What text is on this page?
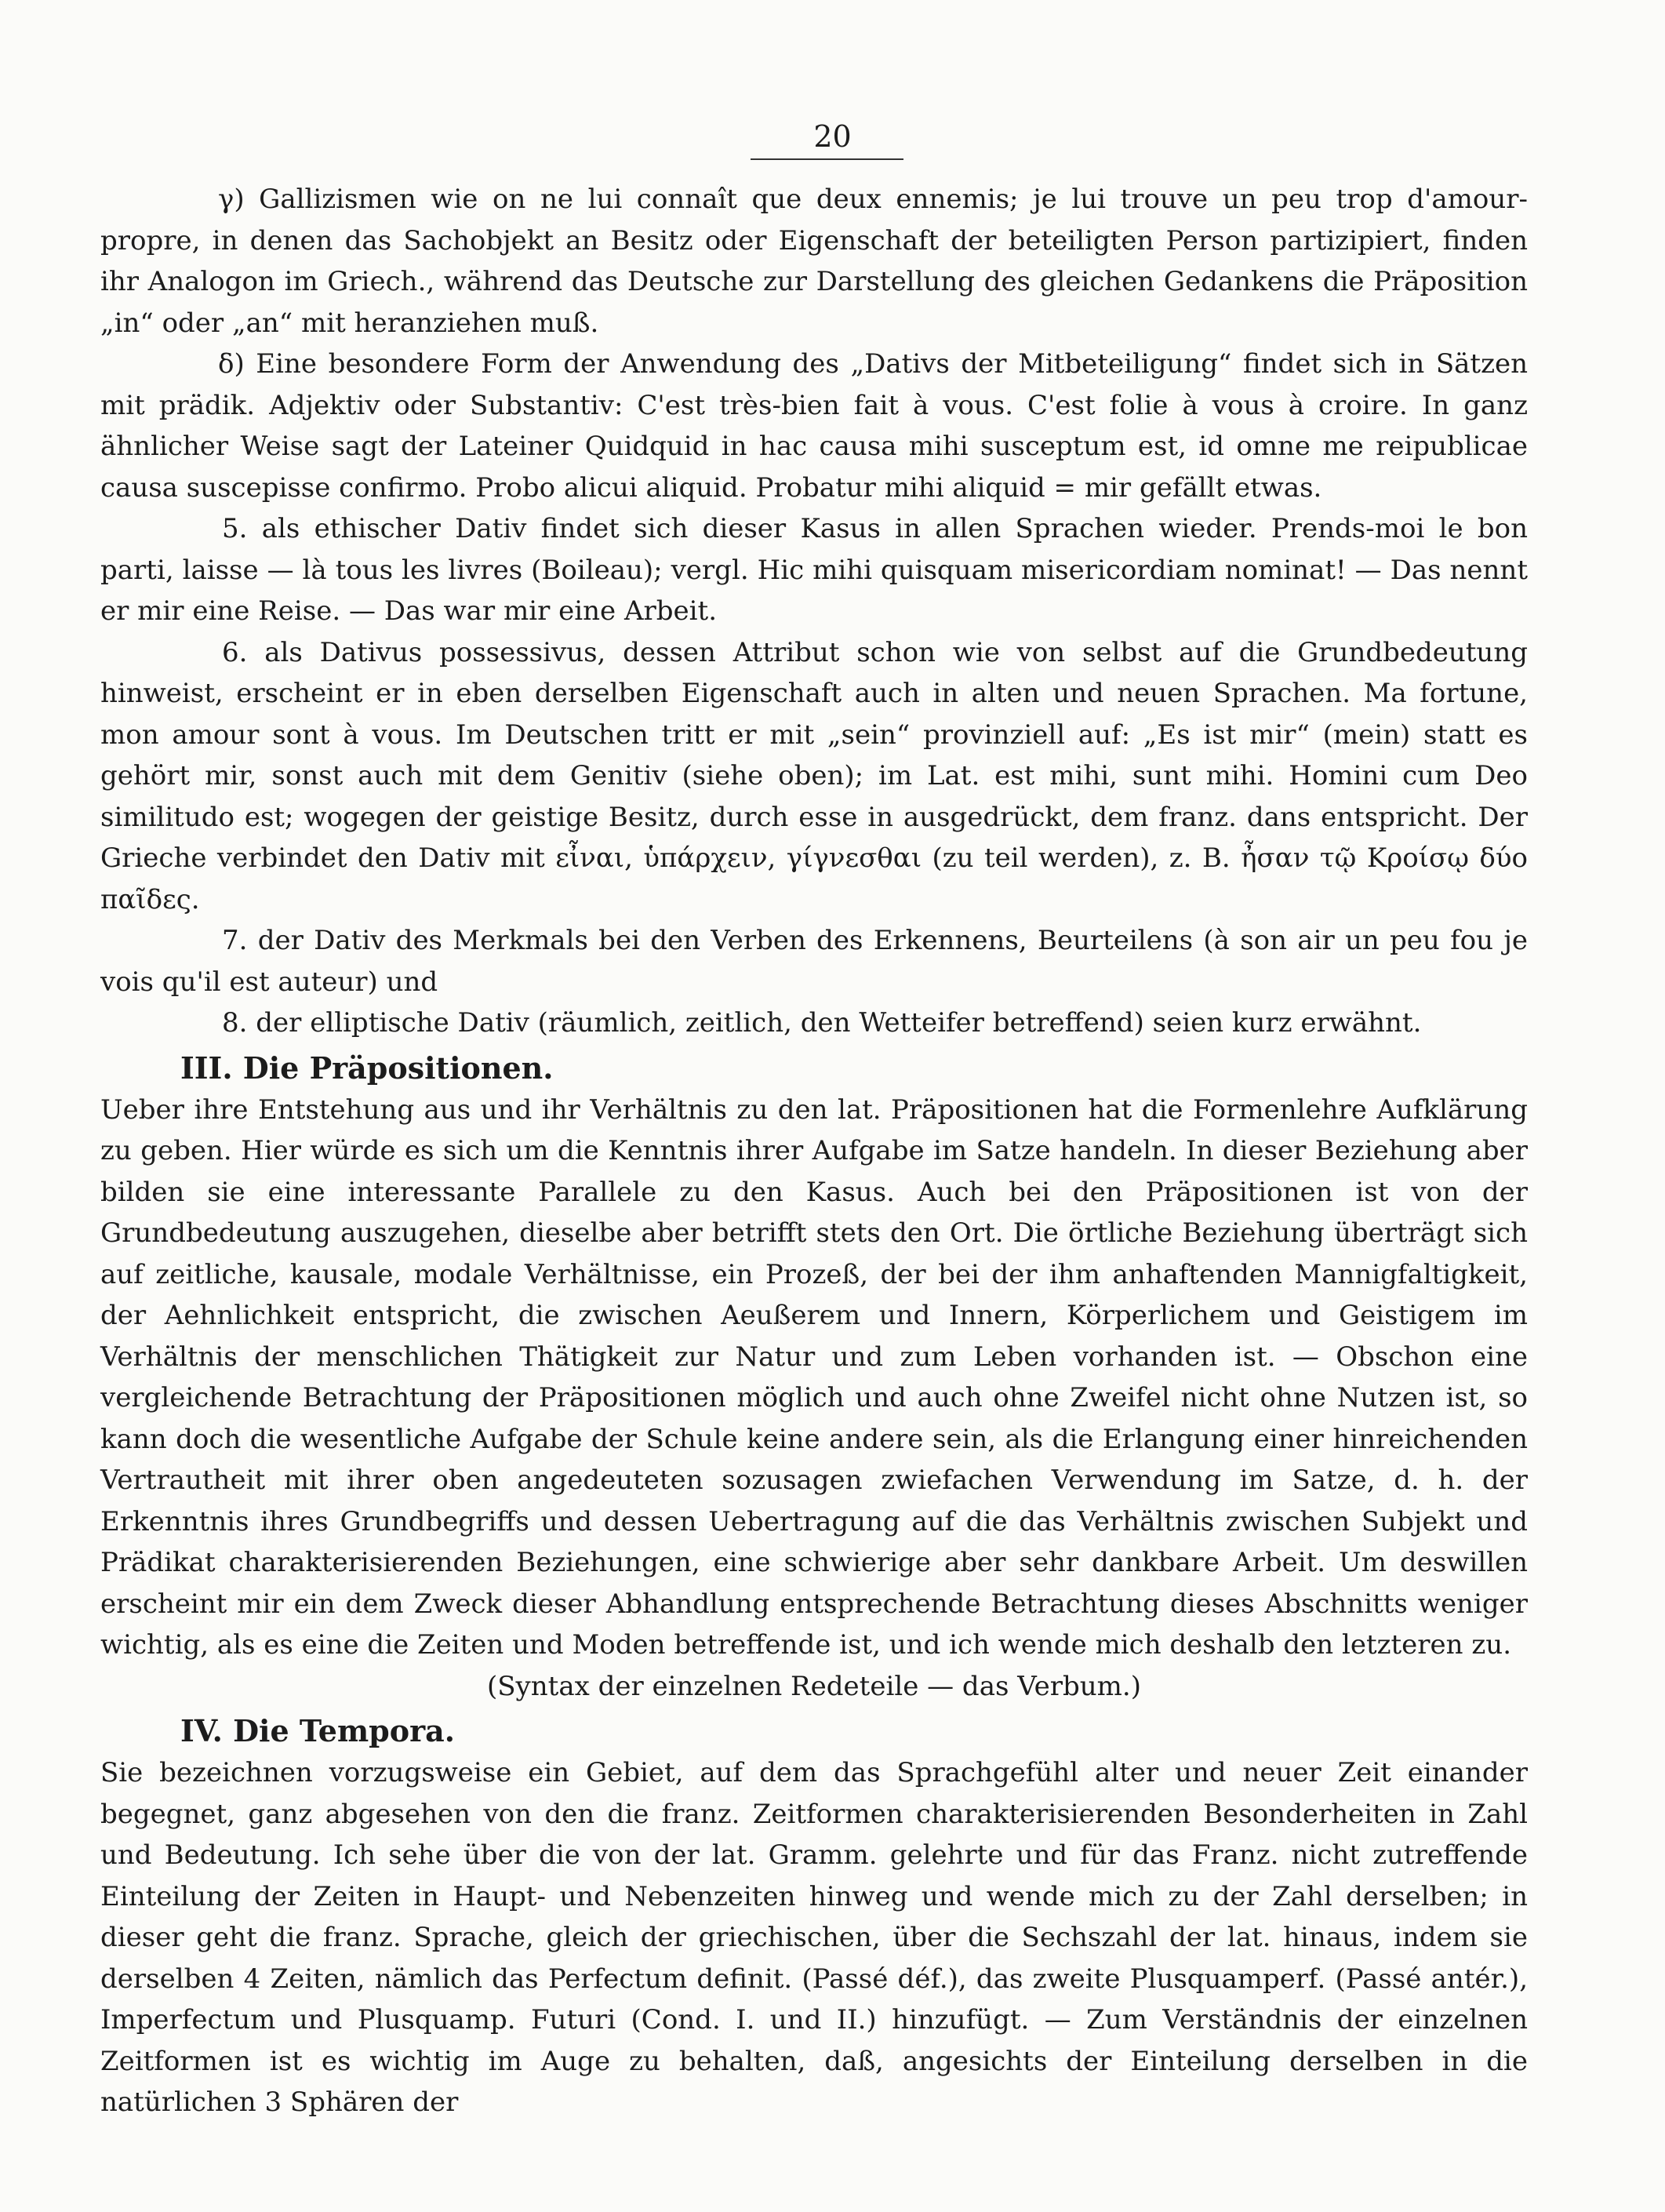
20

γ) Gallizismen wie on ne lui connaît que deux ennemis; je lui trouve un peu trop d'amour-propre, in denen das Sachobjekt an Besitz oder Eigenschaft der beteiligten Person partizipiert, finden ihr Analogon im Griech., während das Deutsche zur Darstellung des gleichen Gedankens die Präposition „in“ oder „an“ mit heranziehen muß.

δ) Eine besondere Form der Anwendung des „Dativs der Mitbeteiligung“ findet sich in Sätzen mit prädik. Adjektiv oder Substantiv: C'est très-bien fait à vous. C'est folie à vous à croire. In ganz ähnlicher Weise sagt der Lateiner Quidquid in hac causa mihi susceptum est, id omne me reipublicae causa suscepisse confirmo. Probo alicui aliquid. Probatur mihi aliquid = mir gefällt etwas.

5. als ethischer Dativ findet sich dieser Kasus in allen Sprachen wieder. Prends-moi le bon parti, laisse — là tous les livres (Boileau); vergl. Hic mihi quisquam misericordiam nominat! — Das nennt er mir eine Reise. — Das war mir eine Arbeit.

6. als Dativus possessivus, dessen Attribut schon wie von selbst auf die Grundbedeutung hinweist, erscheint er in eben derselben Eigenschaft auch in alten und neuen Sprachen. Ma fortune, mon amour sont à vous. Im Deutschen tritt er mit „sein“ provinziell auf: „Es ist mir“ (mein) statt es gehört mir, sonst auch mit dem Genitiv (siehe oben); im Lat. est mihi, sunt mihi. Homini cum Deo similitudo est; wogegen der geistige Besitz, durch esse in ausgedrückt, dem franz. dans entspricht. Der Grieche verbindet den Dativ mit εἶναι, ὑπάρχειν, γίγνεσθαι (zu teil werden), z. B. ἦσαν τῷ Κροίσῳ δύο παῖδες.

7. der Dativ des Merkmals bei den Verben des Erkennens, Beurteilens (à son air un peu fou je vois qu'il est auteur) und

8. der elliptische Dativ (räumlich, zeitlich, den Wetteifer betreffend) seien kurz erwähnt.

III. Die Präpositionen.

Ueber ihre Entstehung aus und ihr Verhältnis zu den lat. Präpositionen hat die Formenlehre Aufklärung zu geben. Hier würde es sich um die Kenntnis ihrer Aufgabe im Satze handeln. In dieser Beziehung aber bilden sie eine interessante Parallele zu den Kasus. Auch bei den Präpositionen ist von der Grundbedeutung auszugehen, dieselbe aber betrifft stets den Ort. Die örtliche Beziehung überträgt sich auf zeitliche, kausale, modale Verhältnisse, ein Prozeß, der bei der ihm anhaftenden Mannigfaltigkeit, der Aehnlichkeit entspricht, die zwischen Aeußerem und Innern, Körperlichem und Geistigem im Verhältnis der menschlichen Thätigkeit zur Natur und zum Leben vorhanden ist. — Obschon eine vergleichende Betrachtung der Präpositionen möglich und auch ohne Zweifel nicht ohne Nutzen ist, so kann doch die wesentliche Aufgabe der Schule keine andere sein, als die Erlangung einer hinreichenden Vertrautheit mit ihrer oben angedeuteten sozusagen zwiefachen Verwendung im Satze, d. h. der Erkenntnis ihres Grundbegriffs und dessen Uebertragung auf die das Verhältnis zwischen Subjekt und Prädikat charakterisierenden Beziehungen, eine schwierige aber sehr dankbare Arbeit. Um deswillen erscheint mir ein dem Zweck dieser Abhandlung entsprechende Betrachtung dieses Abschnitts weniger wichtig, als es eine die Zeiten und Moden betreffende ist, und ich wende mich deshalb den letzteren zu.

(Syntax der einzelnen Redeteile — das Verbum.)

IV. Die Tempora.

Sie bezeichnen vorzugsweise ein Gebiet, auf dem das Sprachgefühl alter und neuer Zeit einander begegnet, ganz abgesehen von den die franz. Zeitformen charakterisierenden Besonderheiten in Zahl und Bedeutung. Ich sehe über die von der lat. Gramm. gelehrte und für das Franz. nicht zutreffende Einteilung der Zeiten in Haupt- und Nebenzeiten hinweg und wende mich zu der Zahl derselben; in dieser geht die franz. Sprache, gleich der griechischen, über die Sechszahl der lat. hinaus, indem sie derselben 4 Zeiten, nämlich das Perfectum definit. (Passé déf.), das zweite Plusquamperf. (Passé antér.), Imperfectum und Plusquamp. Futuri (Cond. I. und II.) hinzufügt. — Zum Verständnis der einzelnen Zeitformen ist es wichtig im Auge zu behalten, daß, angesichts der Einteilung derselben in die natürlichen 3 Sphären der
